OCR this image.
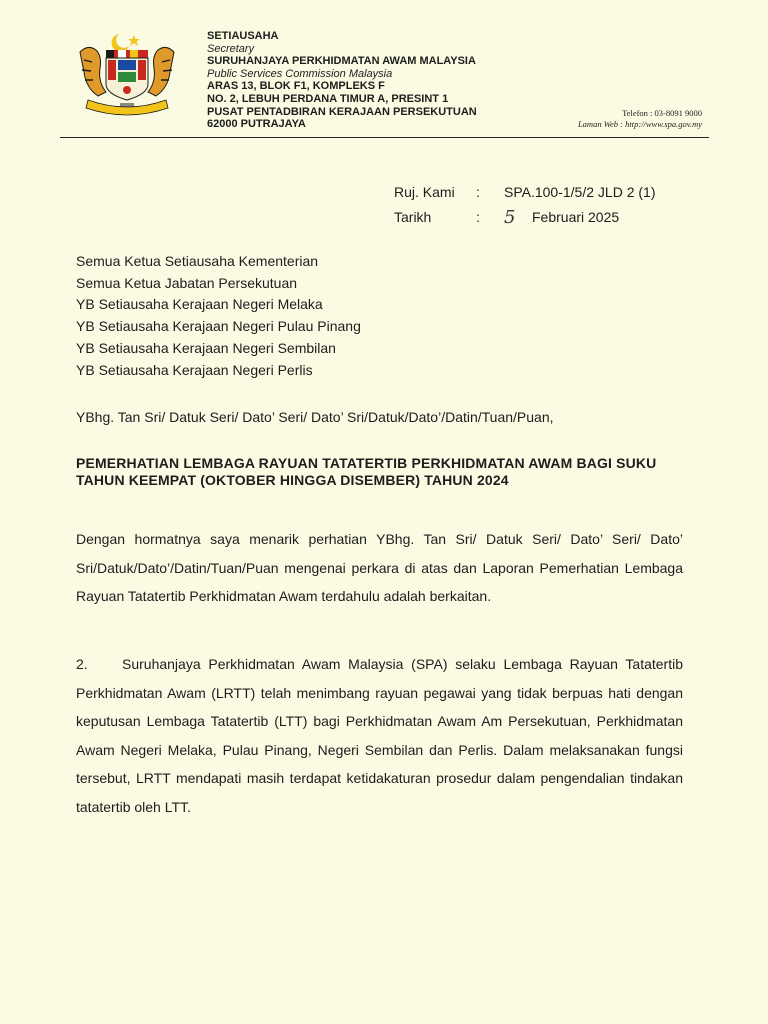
SETIAUSAHA
Secretary
SURUHANJAYA PERKHIDMATAN AWAM MALAYSIA
Public Services Commission Malaysia
ARAS 13, BLOK F1, KOMPLEKS F
NO. 2, LEBUH PERDANA TIMUR A, PRESINT 1
PUSAT PENTADBIRAN KERAJAAN PERSEKUTUAN
62000 PUTRAJAYA
Telefon : 03-8091 9000
Laman Web : http://www.spa.gov.my
Ruj. Kami	:	SPA.100-1/5/2 JLD 2 (1)
Tarikh	:	5	Februari 2025
Semua Ketua Setiausaha Kementerian
Semua Ketua Jabatan Persekutuan
YB Setiausaha Kerajaan Negeri Melaka
YB Setiausaha Kerajaan Negeri Pulau Pinang
YB Setiausaha Kerajaan Negeri Sembilan
YB Setiausaha Kerajaan Negeri Perlis
YBhg. Tan Sri/ Datuk Seri/ Dato’ Seri/ Dato’ Sri/Datuk/Dato’/Datin/Tuan/Puan,
PEMERHATIAN LEMBAGA RAYUAN TATATERTIB PERKHIDMATAN AWAM BAGI SUKU TAHUN KEEMPAT (OKTOBER HINGGA DISEMBER) TAHUN 2024
Dengan hormatnya saya menarik perhatian YBhg. Tan Sri/ Datuk Seri/ Dato’ Seri/ Dato’ Sri/Datuk/Dato’/Datin/Tuan/Puan mengenai perkara di atas dan Laporan Pemerhatian Lembaga Rayuan Tatatertib Perkhidmatan Awam terdahulu adalah berkaitan.
2. Suruhanjaya Perkhidmatan Awam Malaysia (SPA) selaku Lembaga Rayuan Tatatertib Perkhidmatan Awam (LRTT) telah menimbang rayuan pegawai yang tidak berpuas hati dengan keputusan Lembaga Tatatertib (LTT) bagi Perkhidmatan Awam Am Persekutuan, Perkhidmatan Awam Negeri Melaka, Pulau Pinang, Negeri Sembilan dan Perlis. Dalam melaksanakan fungsi tersebut, LRTT mendapati masih terdapat ketidakaturan prosedur dalam pengendalian tindakan tatatertib oleh LTT.
